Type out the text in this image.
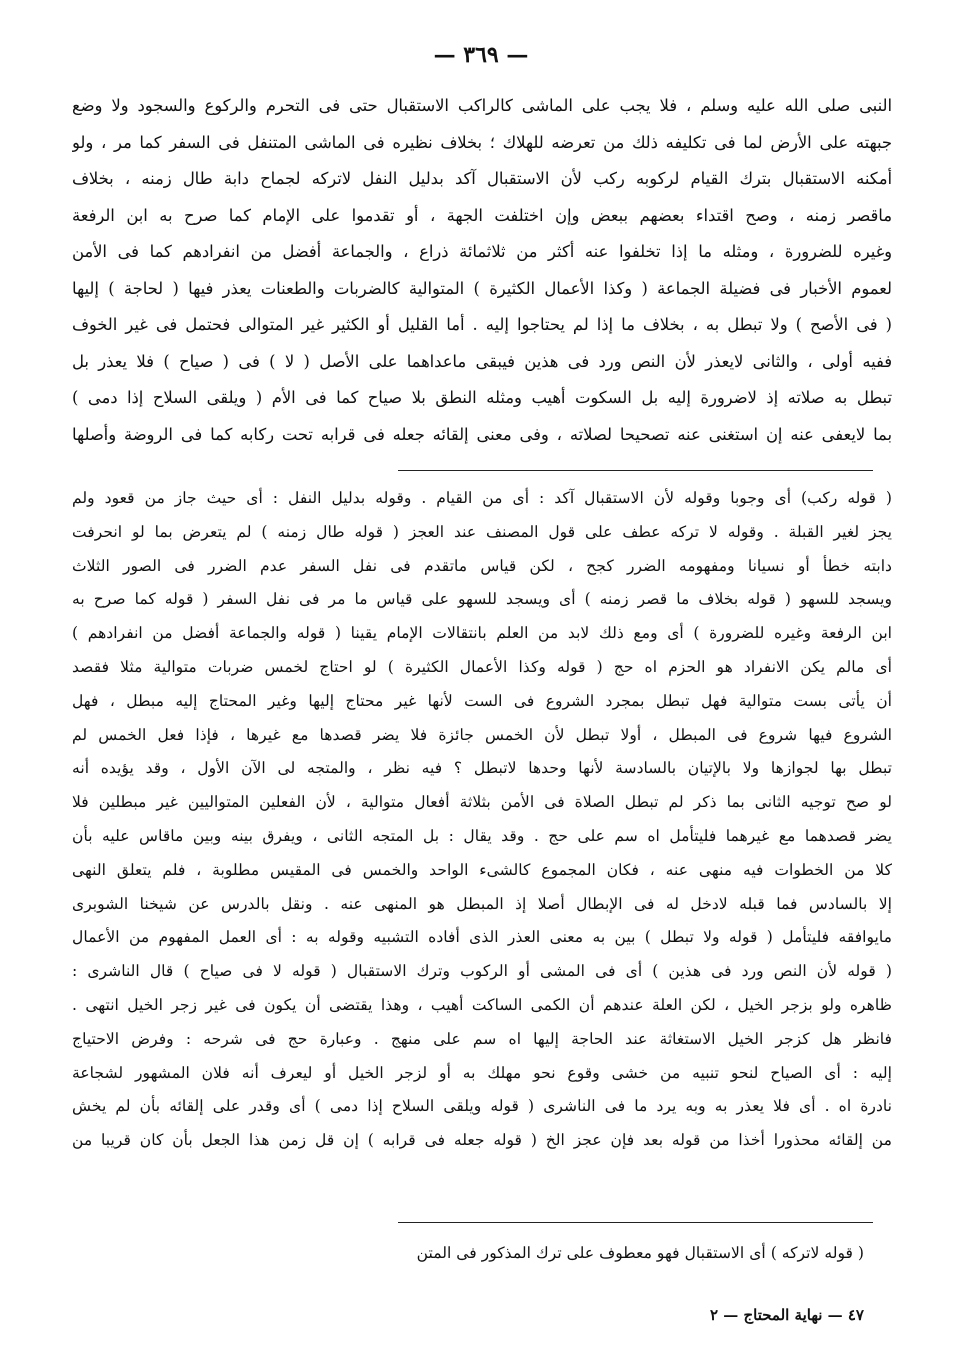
— ٣٦٩ —
النبى صلى الله عليه وسلم ، فلا يجب على الماشى كالراكب الاستقبال حتى فى التحرم والركوع والسجود ولا وضع
جبهته على الأرض لما فى تكليفه ذلك من تعرضه للهلاك ؛ بخلاف نظيره فى الماشى المتنفل فى السفر كما مر ، ولو
أمكنه الاستقبال بترك القيام لركوبه ركب لأن الاستقبال آكد بدليل النفل لاتركه لجماح دابة طال زمنه ، بخلاف
ماقصر زمنه ، وصح اقتداء بعضهم ببعض وإن اختلفت الجهة ، أو تقدموا على الإمام كما صرح به ابن الرفعة
وغيره للضرورة ، ومثله ما إذا تخلفوا عنه أكثر من ثلاثمائة ذراع ، والجماعة أفضل من انفرادهم كما فى الأمن
لعموم الأخبار فى فضيلة الجماعة ( وكذا الأعمال الكثيرة ) المتوالية كالضربات والطعنات يعذر فيها ( لحاجة ) إليها
( فى الأصح ) ولا تبطل به ، بخلاف ما إذا لم يحتاجوا إليه . أما القليل أو الكثير غير المتوالى فحتمل فى غير الخوف
ففيه أولى ، والثانى لايعذر لأن النص ورد فى هذين فيبقى ماعداهما على الأصل ( لا ) فى ( صياح ) فلا يعذر بل
تبطل به صلاته إذ لاضرورة إليه بل السكوت أهيب ومثله النطق بلا صياح كما فى الأم ( ويلقى السلاح إذا دمى )
بما لايعفى عنه إن استغنى عنه تصحيحا لصلاته ، وفى معنى إلقائه جعله فى قرابه تحت ركابه كما فى الروضة وأصلها
( قوله ركب) أى وجوبا وقوله لأن الاستقبال آكد : أى من القيام . وقوله بدليل النفل : أى حيث جاز من قعود ولم
يجز لغير القبلة . وقوله لا تركه عطف على قول المصنف عند العجز ( قوله طال زمنه ) لم يتعرض بما لو انحرفت
دابته خطأ أو نسيانا ومفهومه الضرر كجح ، لكن قياس ماتقدم فى نفل السفر عدم الضرر فى الصور الثلاث
ويسجد للسهو ( قوله بخلاف ما قصر زمنه ) أى ويسجد للسهو على قياس ما مر فى نفل السفر ( قوله كما صرح به
ابن الرفعة وغيره للضرورة ) أى ومع ذلك لابد من العلم بانتقالات الإمام يقينا ( قوله والجماعة أفضل من انفرادهم )
أى مالم يكن الانفراد هو الحزم اه حج ( قوله وكذا الأعمال الكثيرة ) لو احتاج لخمس ضربات متوالية مثلا فقصد
أن يأتى بست متوالية فهل تبطل بمجرد الشروع فى الست لأنها غير محتاج إليها وغير المحتاج إليه مبطل ، فهل
الشروع فيها شروع فى المبطل ، أولا تبطل لأن الخمس جائزة فلا يضر قصدها مع غيرها ، فإذا فعل الخمس لم
تبطل بها لجوازها ولا بالإتيان بالسادسة لأنها وحدها لاتبطل ؟ فيه نظر ، والمتجه لى الآن الأول ، وقد يؤيده أنه
لو صح توجيه الثانى بما ذكر لم تبطل الصلاة فى الأمن بثلاثة أفعال متوالية ، لأن الفعلين المتواليين غير مبطلين فلا
يضر قصدهما مع غيرهما فليتأمل اه سم على حج . وقد يقال : بل المتجه الثانى ، ويفرق بينه وبين ماقاس عليه بأن
كلا من الخطوات فيه منهى عنه ، فكان المجموع كالشىء الواحد والخمس فى المقيس مطلوبة ، فلم يتعلق النهى
إلا بالسادس فما قبله لادخل له فى الإبطال أصلا إذ المبطل هو المنهى عنه . ونقل بالدرس عن شيخنا الشوبرى
مايوافقه فليتأمل ( قوله ولا تبطل ) بين به معنى العذر الذى أفاده التشبيه وقوله به : أى العمل المفهوم من الأعمال
( قوله لأن النص ورد فى هذين ) أى فى المشى أو الركوب وترك الاستقبال ( قوله لا فى صياح ) قال الناشرى :
ظاهره ولو بزجر الخيل ، لكن العلة عندهم أن الكمى الساكت أهيب ، وهذا يقتضى أن يكون فى غير زجر الخيل انتهى .
فانظر هل كزجر الخيل الاستغاثة عند الحاجة إليها اه سم على منهج . وعبارة حج فى شرحه : وفرض الاحتياج
إليه : أى الصياح لنحو تنبيه من خشى وقوع نحو مهلك به أو لزجر الخيل أو ليعرف أنه فلان المشهور لشجاعة
نادرة اه . أى فلا يعذر به وبه يرد ما فى الناشرى ( قوله ويلقى السلاح إذا دمى ) أى وقدر على إلقائه بأن لم يخش
من إلقائه محذورا أخذا من قوله بعد فإن عجز الخ ( قوله جعله فى قرابه ) إن قل زمن هذا الجعل بأن كان قريبا من
( قوله لاتركه ) أى الاستقبال فهو معطوف على ترك المذكور فى المتن
٤٧ — نهاية المحتاج — ٢
